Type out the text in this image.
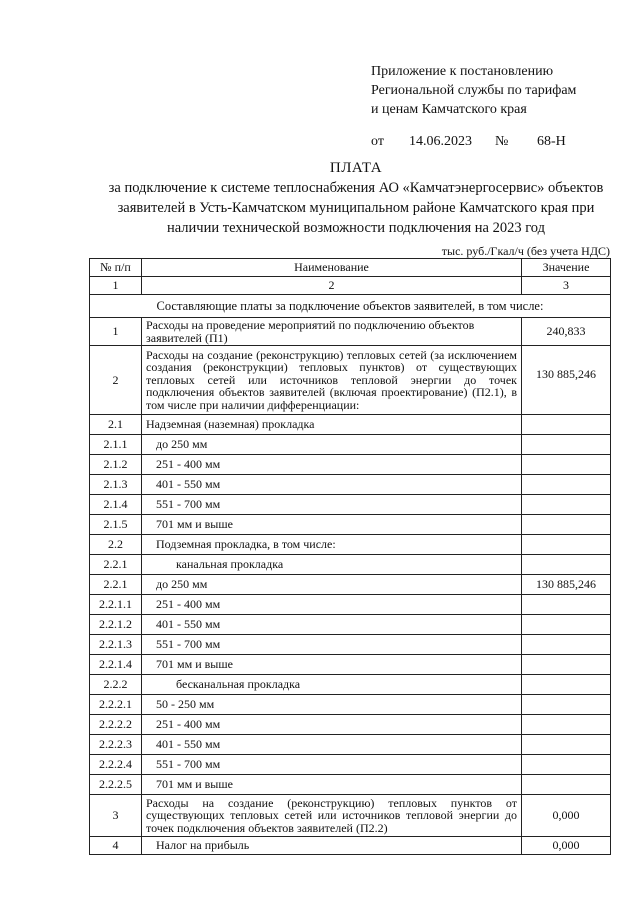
Приложение к постановлению
Региональной службы по тарифам
и ценам Камчатского края
от 14.06.2023 № 68-Н
ПЛАТА
за подключение к системе теплоснабжения АО «Камчатэнергосервис» объектов
заявителей в Усть-Камчатском муниципальном районе Камчатского края при
наличии технической возможности подключения на 2023 год
тыс. руб./Гкал/ч (без учета НДС)
№ п/п	Наименование	Значение
1	2	3
Составляющие платы за подключение объектов заявителей, в том числе:		
1	Расходы на проведение мероприятий по подключению объектов заявителей (П1)	240,833
2	Расходы на создание (реконструкцию) тепловых сетей (за исключением создания (реконструкции) тепловых пунктов) от существующих тепловых сетей или источников тепловой энергии до точек подключения объектов заявителей (включая проектирование) (П2.1), в том числе при наличии дифференциации:	130 885,246
2.1	Надземная (наземная) прокладка	
2.1.1	до 250 мм	
2.1.2	251 - 400 мм	
2.1.3	401 - 550 мм	
2.1.4	551 - 700 мм	
2.1.5	701 мм и выше	
2.2	Подземная прокладка, в том числе:	
2.2.1	канальная прокладка	
2.2.1	до 250 мм	130 885,246
2.2.1.1	251 - 400 мм	
2.2.1.2	401 - 550 мм	
2.2.1.3	551 - 700 мм	
2.2.1.4	701 мм и выше	
2.2.2	бесканальная прокладка	
2.2.2.1	50 - 250 мм	
2.2.2.2	251 - 400 мм	
2.2.2.3	401 - 550 мм	
2.2.2.4	551 - 700 мм	
2.2.2.5	701 мм и выше	
3	Расходы на создание (реконструкцию) тепловых пунктов от существующих тепловых сетей или источников тепловой энергии до точек подключения объектов заявителей (П2.2)	0,000
4	Налог на прибыль	0,000
